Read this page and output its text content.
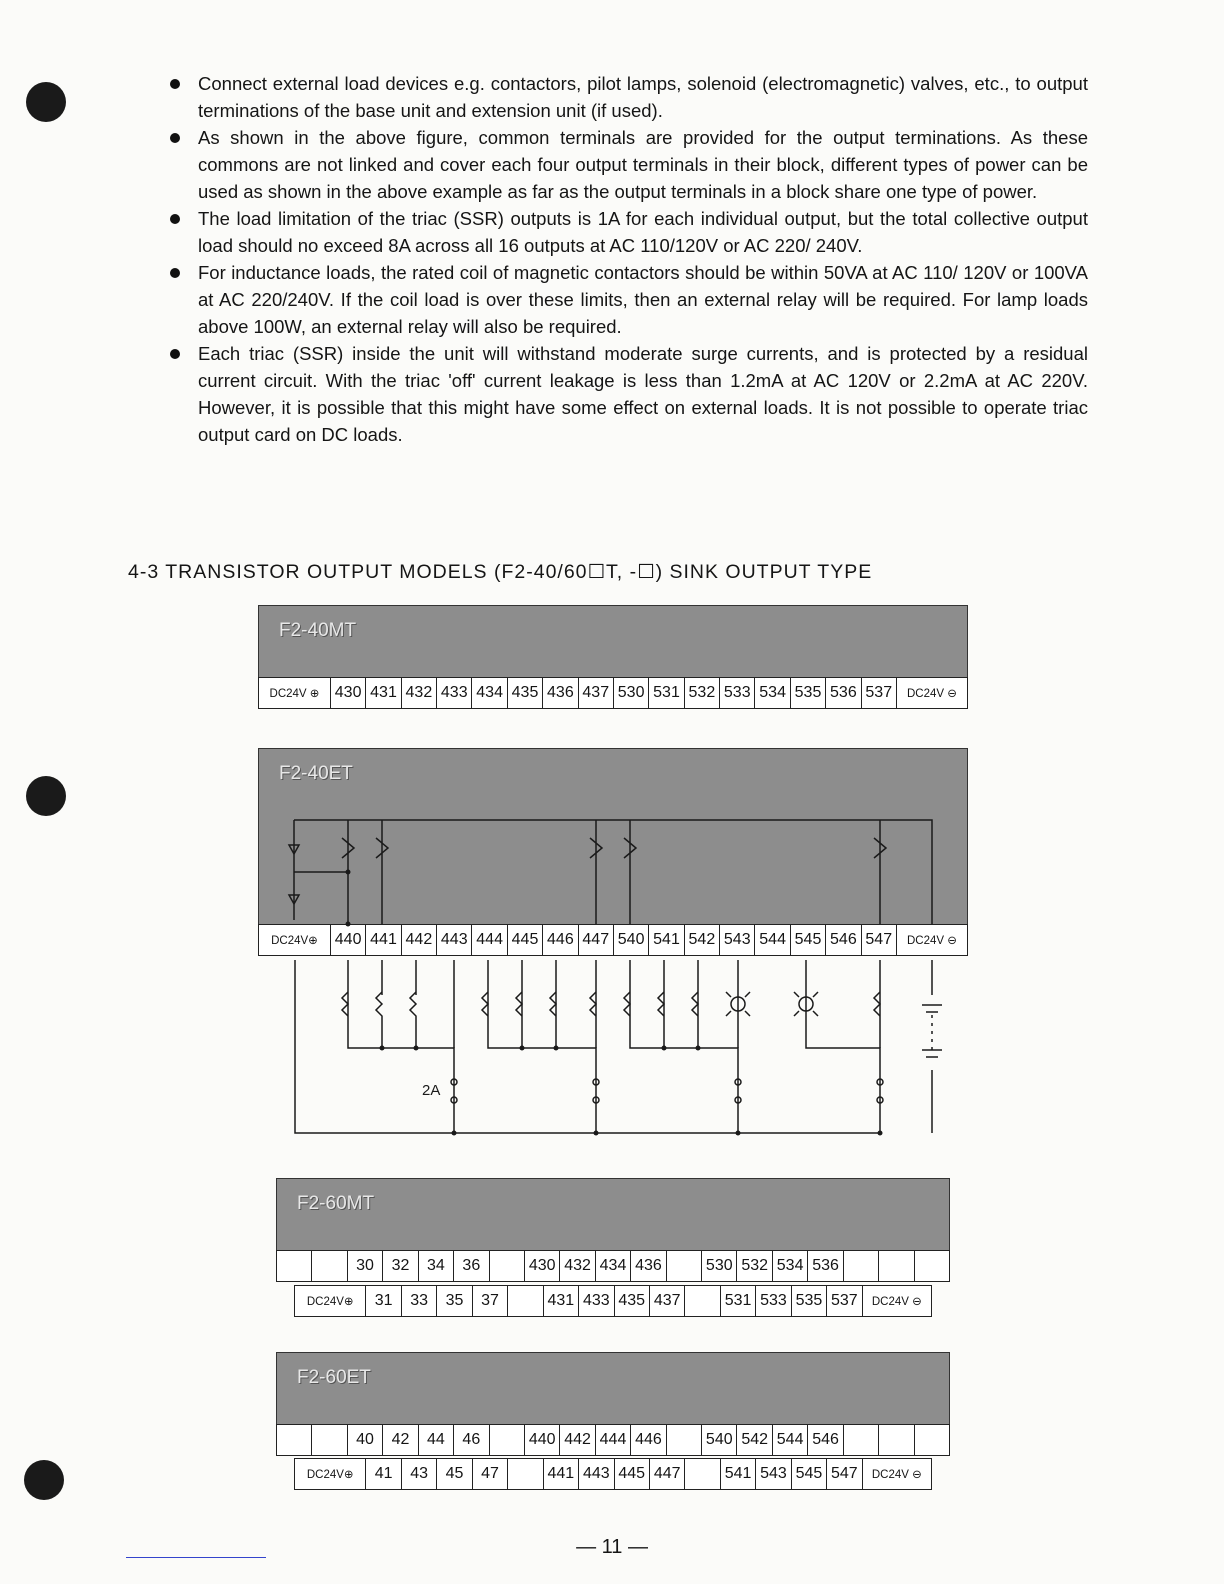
Connect external load devices e.g. contactors, pilot lamps, solenoid (electromagnetic) valves, etc., to output terminations of the base unit and extension unit (if used).
As shown in the above figure, common terminals are provided for the output terminations. As these commons are not linked and cover each four output terminals in their block, different types of power can be used as shown in the above example as far as the output terminals in a block share one type of power.
The load limitation of the triac (SSR) outputs is 1A for each individual output, but the total collective output load should no exceed 8A across all 16 outputs at AC 110/120V or AC 220/ 240V.
For inductance loads, the rated coil of magnetic contactors should be within 50VA at AC 110/ 120V or 100VA at AC 220/240V. If the coil load is over these limits, then an external relay will be required. For lamp loads above 100W, an external relay will also be required.
Each triac (SSR) inside the unit will withstand moderate surge currents, and is protected by a residual current circuit. With the triac 'off' current leakage is less than 1.2mA at AC 120V or 2.2mA at AC 220V. However, it is possible that this might have some effect on external loads. It is not possible to operate triac output card on DC loads.
4-3 TRANSISTOR OUTPUT MODELS (F2-40/60☐T, -☐) SINK OUTPUT TYPE
F2-40MT
DC24V ⊕ 430 431 432 433 434 435 436 437 530 531 532 533 534 535 536 537	DC24V ⊖
F2-40ET
DC24V⊕	440 441 442 443 444 445 446 447 540 541 542 543 544 545 546 547	DC24V ⊖
2A
F2-60MT
30	32	34	36	430 432 434 436	530 532 534 536
DC24V⊕	31	33	35	37	431 433 435 437	531 533 535 537	DC24V ⊖
F2-60ET
40	42	44	46	440 442 444 446	540 542 544 546
DC24V⊕	41	43	45	47	441 443 445 447	541 543 545 547	DC24V ⊖
— 11 —
